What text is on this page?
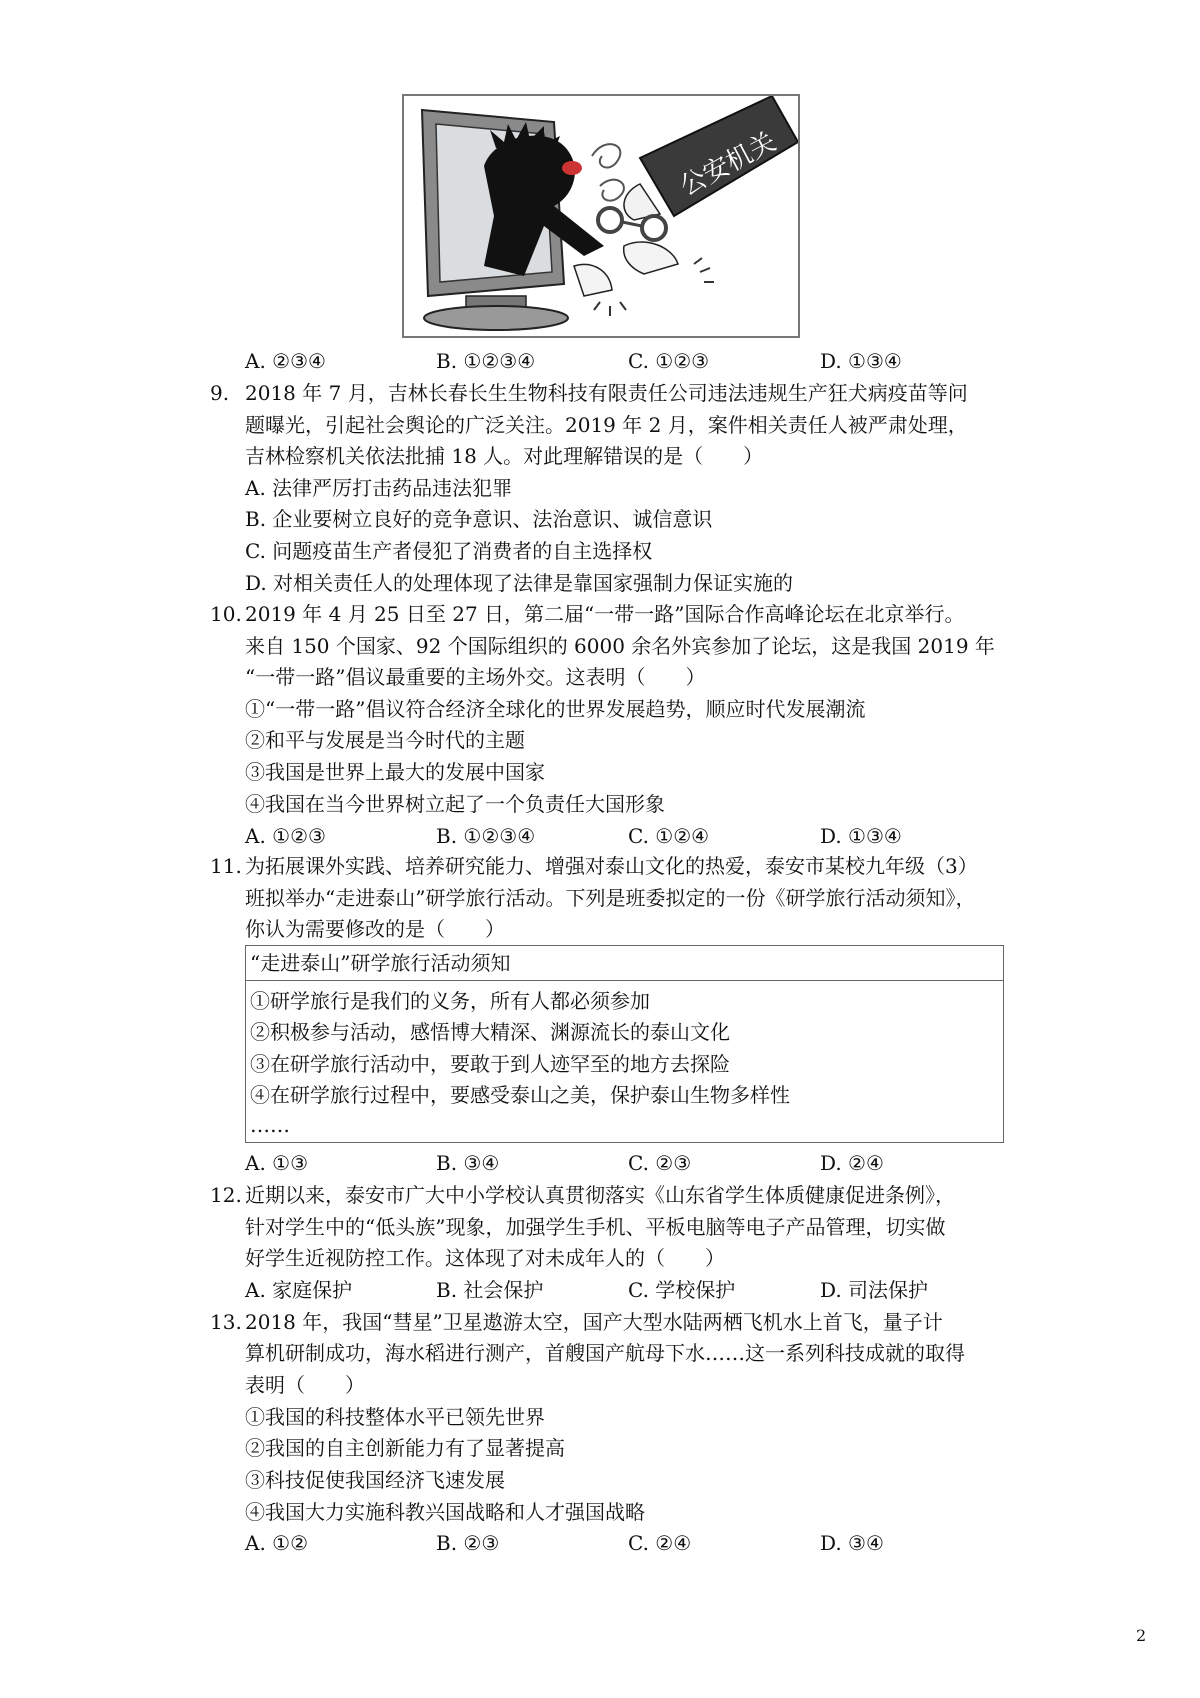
公安机关
A. ②③④	B. ①②③④	C. ①②③	D. ①③④
9. 2018 年 7 月，吉林长春长生生物科技有限责任公司违法违规生产狂犬病疫苗等问
题曝光，引起社会舆论的广泛关注。2019 年 2 月，案件相关责任人被严肃处理，
吉林检察机关依法批捕 18 人。对此理解错误的是（　　）
A. 法律严厉打击药品违法犯罪
B. 企业要树立良好的竞争意识、法治意识、诚信意识
C. 问题疫苗生产者侵犯了消费者的自主选择权
D. 对相关责任人的处理体现了法律是靠国家强制力保证实施的
10. 2019 年 4 月 25 日至 27 日，第二届“一带一路”国际合作高峰论坛在北京举行。
来自 150 个国家、92 个国际组织的 6000 余名外宾参加了论坛，这是我国 2019 年
“一带一路”倡议最重要的主场外交。这表明（　　）
①“一带一路”倡议符合经济全球化的世界发展趋势，顺应时代发展潮流
②和平与发展是当今时代的主题
③我国是世界上最大的发展中国家
④我国在当今世界树立起了一个负责任大国形象
A. ①②③	B. ①②③④	C. ①②④	D. ①③④
11. 为拓展课外实践、培养研究能力、增强对泰山文化的热爱，泰安市某校九年级（3）
班拟举办“走进泰山”研学旅行活动。下列是班委拟定的一份《研学旅行活动须知》，
你认为需要修改的是（　　）
“走进泰山”研学旅行活动须知
①研学旅行是我们的义务，所有人都必须参加
②积极参与活动，感悟博大精深、渊源流长的泰山文化
③在研学旅行活动中，要敢于到人迹罕至的地方去探险
④在研学旅行过程中，要感受泰山之美，保护泰山生物多样性
……
A. ①③	B. ③④	C. ②③	D. ②④
12. 近期以来，泰安市广大中小学校认真贯彻落实《山东省学生体质健康促进条例》，
针对学生中的“低头族”现象，加强学生手机、平板电脑等电子产品管理，切实做
好学生近视防控工作。这体现了对未成年人的（　　）
A. 家庭保护	B. 社会保护	C. 学校保护	D. 司法保护
13. 2018 年，我国“彗星”卫星遨游太空，国产大型水陆两栖飞机水上首飞，量子计
算机研制成功，海水稻进行测产，首艘国产航母下水……这一系列科技成就的取得
表明（　　）
①我国的科技整体水平已领先世界
②我国的自主创新能力有了显著提高
③科技促使我国经济飞速发展
④我国大力实施科教兴国战略和人才强国战略
A. ①②	B. ②③	C. ②④	D. ③④
2
